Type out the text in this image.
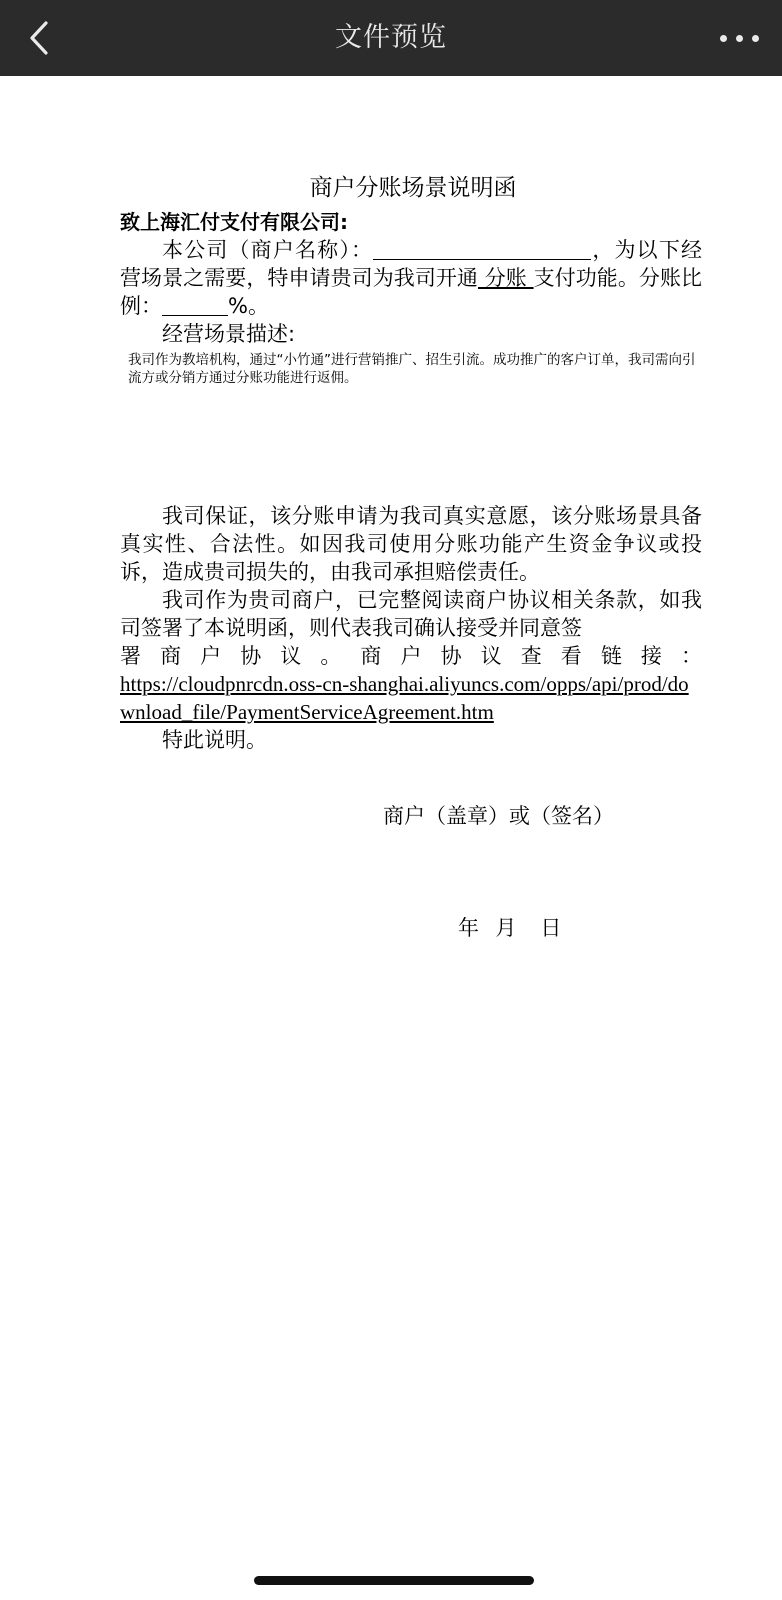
文件预览
商户分账场景说明函
致上海汇付支付有限公司:
本公司（商户名称）：	，为以下经营场景之需要，特申请贵司为我司开通 分账 支付功能。分账比例：	%。
经营场景描述:
我司作为教培机构，通过“小竹通”进行营销推广、招生引流。成功推广的客户订单，我司需向引流方或分销方通过分账功能进行返佣。
我司保证，该分账申请为我司真实意愿，该分账场景具备真实性、合法性。如因我司使用分账功能产生资金争议或投诉，造成贵司损失的，由我司承担赔偿责任。
我司作为贵司商户，已完整阅读商户协议相关条款，如我司签署了本说明函，则代表我司确认接受并同意签
署商户协议。商户协议查看链接：
https://cloudpnrcdn.oss-cn-shanghai.aliyuncs.com/opps/api/prod/download_file/PaymentServiceAgreement.htm
特此说明。
商户（盖章）或（签名）
年  月   日
